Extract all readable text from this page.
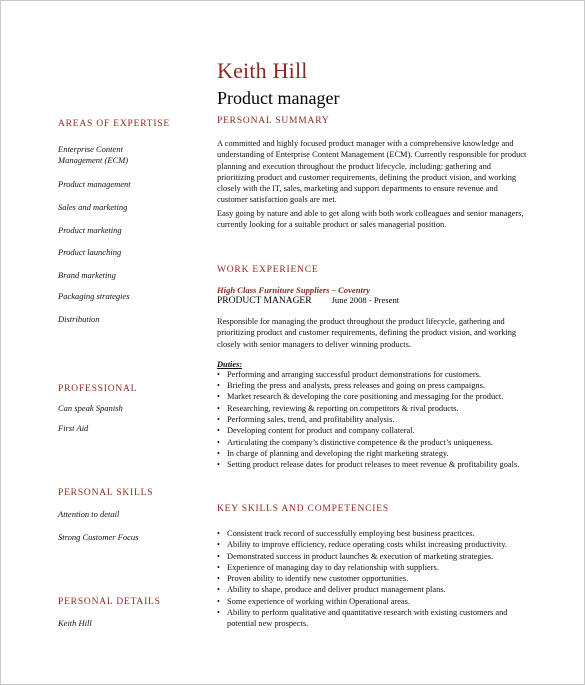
Keith Hill
Product manager
AREAS OF EXPERTISE
Enterprise Content Management (ECM)
Product management
Sales and marketing
Product marketing
Product launching
Brand marketing
Packaging strategies
Distribution
PROFESSIONAL
Can speak Spanish
First Aid
PERSONAL SKILLS
Attention to detail
Strong Customer Focus
PERSONAL DETAILS
Keith Hill
PERSONAL SUMMARY
A committed and highly focused product manager with a comprehensive knowledge and understanding of Enterprise Content Management (ECM). Currently responsible for product planning and execution throughout the product lifecycle, including: gathering and prioritizing product and customer requirements, defining the product vision, and working closely with the IT, sales, marketing and support departments to ensure revenue and customer satisfaction goals are met.
Easy going by nature and able to get along with both work colleagues and senior managers, currently looking for a suitable product or sales managerial position.
WORK EXPERIENCE
High Class Furniture Suppliers – Coventry
PRODUCT MANAGER June 2008 - Present
Responsible for managing the product throughout the product lifecycle, gathering and prioritizing product and customer requirements, defining the product vision, and working closely with senior managers to deliver winning products.
Duties:
• Performing and arranging successful product demonstrations for customers.
• Briefing the press and analysts, press releases and going on press campaigns.
• Market research & developing the core positioning and messaging for the product.
• Researching, reviewing & reporting on competitors & rival products.
• Performing sales, trend, and profitability analysis.
• Developing content for product and company collateral.
• Articulating the company’s distinctive competence & the product’s uniqueness.
• In charge of planning and developing the right marketing strategy.
• Setting product release dates for product releases to meet revenue & profitability goals.
KEY SKILLS AND COMPETENCIES
• Consistent track record of successfully employing best business practices.
• Ability to improve efficiency, reduce operating costs whilst increasing productivity.
• Demonstrated success in product launches & execution of marketing strategies.
• Experience of managing day to day relationship with suppliers.
• Proven ability to identify new customer opportunities.
• Ability to shape, produce and deliver product management plans.
• Some experience of working within Operational areas.
• Ability to perform qualitative and quantitative research with existing customers and potential new prospects.
